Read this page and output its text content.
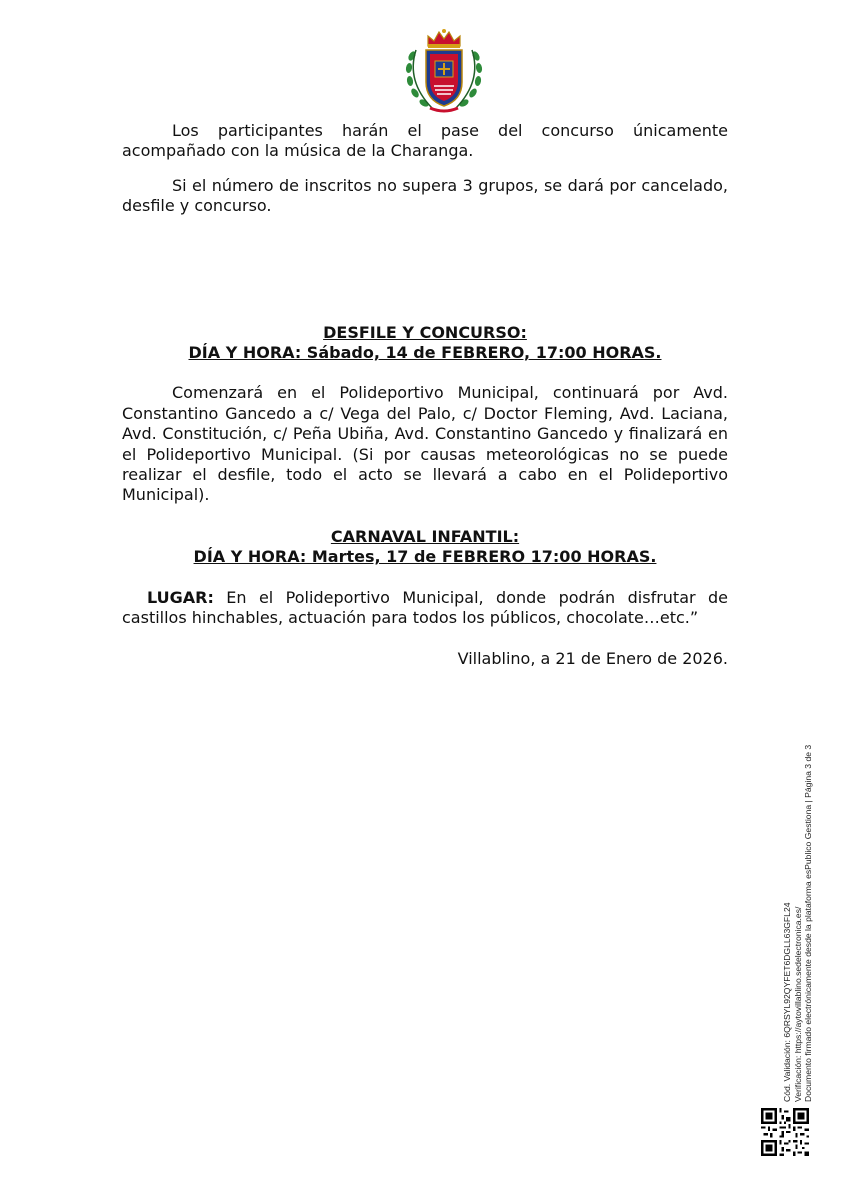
Los participantes harán el pase del concurso únicamente acompañado con la música de la Charanga.

Si el número de inscritos no supera 3 grupos, se dará por cancelado, desfile y concurso.

DESFILE Y CONCURSO:

DÍA Y HORA: Sábado, 14 de FEBRERO, 17:00 HORAS.

Comenzará en el Polideportivo Municipal, continuará por Avd. Constantino Gancedo a c/ Vega del Palo, c/ Doctor Fleming, Avd. Laciana, Avd. Constitución, c/ Peña Ubiña, Avd. Constantino Gancedo y finalizará en el Polideportivo Municipal. (Si por causas meteorológicas no se puede realizar el desfile, todo el acto se llevará a cabo en el Polideportivo Municipal).

CARNAVAL INFANTIL:

DÍA Y HORA: Martes, 17 de FEBRERO 17:00 HORAS.

LUGAR: En el Polideportivo Municipal, donde podrán disfrutar de castillos hinchables, actuación para todos los públicos, chocolate…etc.”

Villablino, a 21 de Enero de 2026.

Cód. Validación: 6QRSYL92QYFET6DGLL63GFL24 Verificación: https://aytovillablino.sedelectronica.es/ Documento firmado electrónicamente desde la plataforma esPublico Gestiona | Página 3 de 3
